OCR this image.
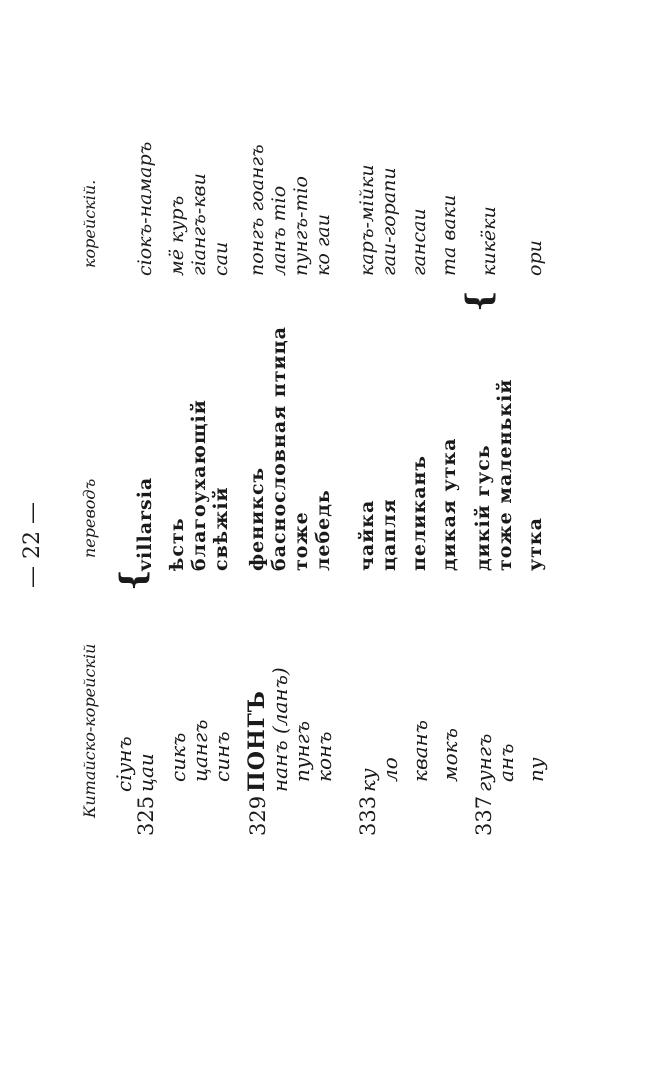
— 22 —
Китайско-корейскій
переводъ
корейскій.
сіунъ
325
цаи
{
villarsia
сіокъ-намаръ
сикъ
ѣсть
мё куръ
цангъ
благоухающій
гіангъ-кви
синъ
свѣжій
саи
329
ПОНГЪ
фениксъ
понгъ гоангъ
нанъ (ланъ)
баснословная птица
ланъ тіо
пунгъ
тоже
пунгъ-тіо
конъ
лебедь
ко гаи
333
ку
чайка
каръ-мійки
ло
цапля
гаи-горапи
кванъ
пеликанъ
гансаи
мокъ
дикая утка
та ваки
337
гунгъ
дикій гусь
{
кикёки
анъ
тоже маленькій
пу
утка
ори
